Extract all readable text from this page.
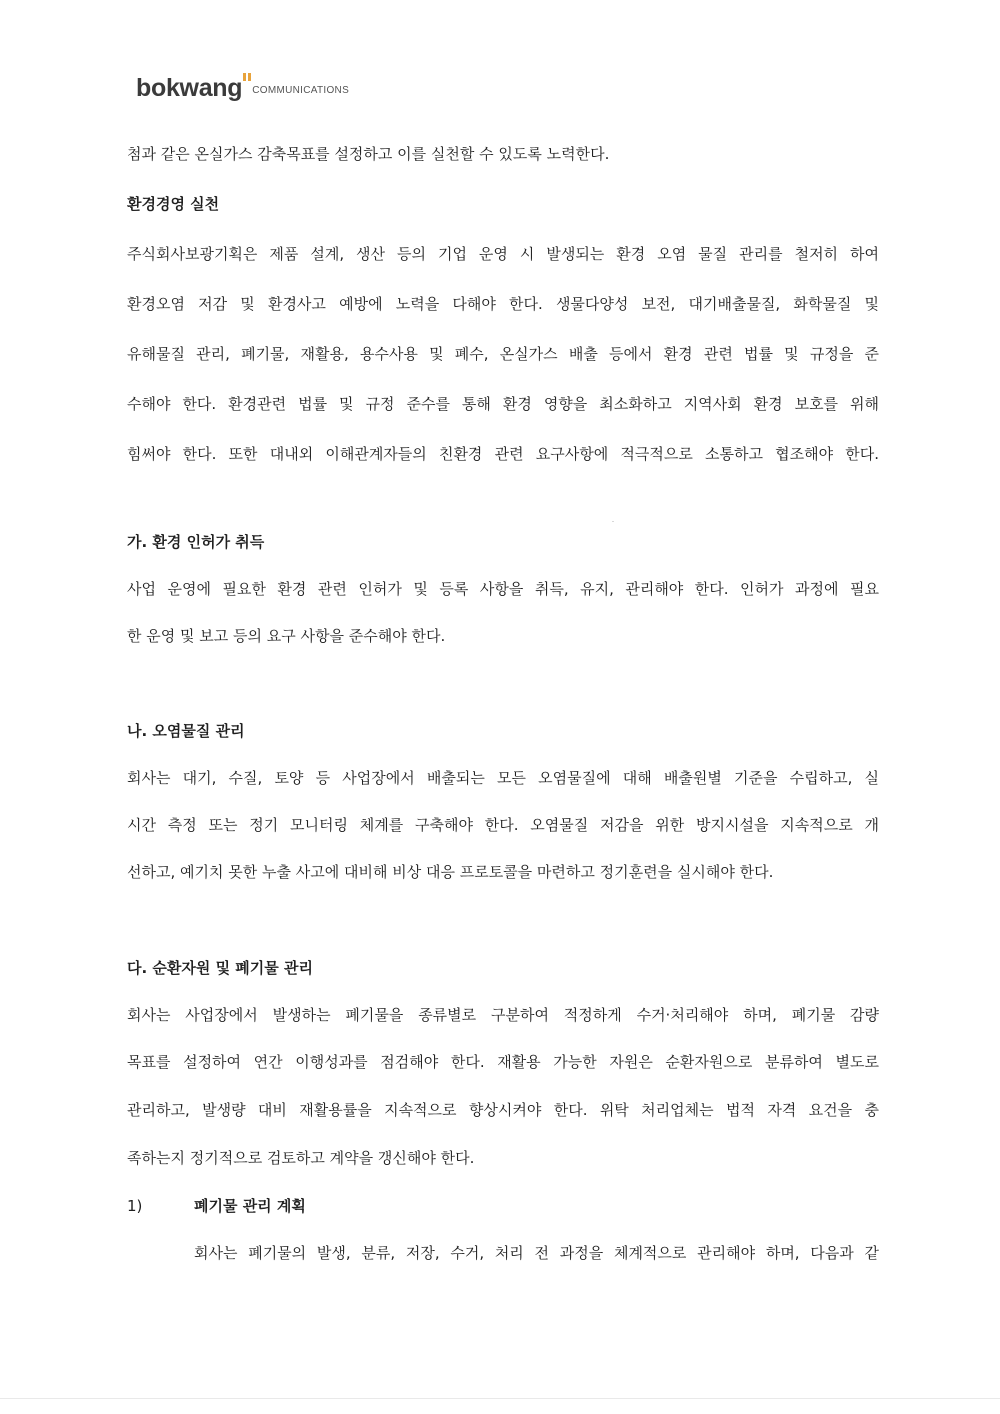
bokwang COMMUNICATIONS
첨과 같은 온실가스 감축목표를 설정하고 이를 실천할 수 있도록 노력한다.
환경경영 실천
주식회사보광기획은 제품 설계, 생산 등의 기업 운영 시 발생되는 환경 오염 물질 관리를 철저히 하여
환경오염 저감 및 환경사고 예방에 노력을 다해야 한다. 생물다양성 보전, 대기배출물질, 화학물질 및
유해물질 관리, 폐기물, 재활용, 용수사용 및 폐수, 온실가스 배출 등에서 환경 관련 법률 및 규정을 준
수해야 한다. 환경관련 법률 및 규정 준수를 통해 환경 영향을 최소화하고 지역사회 환경 보호를 위해
힘써야 한다. 또한 대내외 이해관계자들의 친환경 관련 요구사항에 적극적으로 소통하고 협조해야 한다.
가. 환경 인허가 취득
사업 운영에 필요한 환경 관련 인허가 및 등록 사항을 취득, 유지, 관리해야 한다. 인허가 과정에 필요
한 운영 및 보고 등의 요구 사항을 준수해야 한다.
나. 오염물질 관리
회사는 대기, 수질, 토양 등 사업장에서 배출되는 모든 오염물질에 대해 배출원별 기준을 수립하고, 실
시간 측정 또는 정기 모니터링 체계를 구축해야 한다. 오염물질 저감을 위한 방지시설을 지속적으로 개
선하고, 예기치 못한 누출 사고에 대비해 비상 대응 프로토콜을 마련하고 정기훈련을 실시해야 한다.
다. 순환자원 및 폐기물 관리
회사는 사업장에서 발생하는 폐기물을 종류별로 구분하여 적정하게 수거·처리해야 하며, 폐기물 감량
목표를 설정하여 연간 이행성과를 점검해야 한다. 재활용 가능한 자원은 순환자원으로 분류하여 별도로
관리하고, 발생량 대비 재활용률을 지속적으로 향상시켜야 한다. 위탁 처리업체는 법적 자격 요건을 충
족하는지 정기적으로 검토하고 계약을 갱신해야 한다.
1)	폐기물 관리 계획
회사는 폐기물의 발생, 분류, 저장, 수거, 처리 전 과정을 체계적으로 관리해야 하며, 다음과 같
